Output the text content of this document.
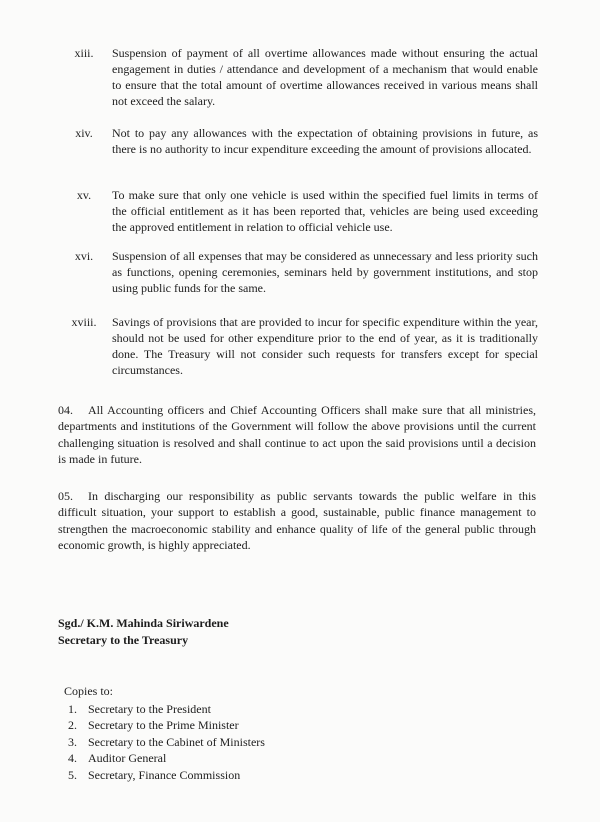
xiii.	Suspension of payment of all overtime allowances made without ensuring the actual engagement in duties / attendance and development of a mechanism that would enable to ensure that the total amount of overtime allowances received in various means shall not exceed the salary.
xiv.	Not to pay any allowances with the expectation of obtaining provisions in future, as there is no authority to incur expenditure exceeding the amount of provisions allocated.
xv.	To make sure that only one vehicle is used within the specified fuel limits in terms of the official entitlement as it has been reported that, vehicles are being used exceeding the approved entitlement in relation to official vehicle use.
xvi.	Suspension of all expenses that may be considered as unnecessary and less priority such as functions, opening ceremonies, seminars held by government institutions, and stop using public funds for the same.
xviii.	Savings of provisions that are provided to incur for specific expenditure within the year, should not be used for other expenditure prior to the end of year, as it is traditionally done. The Treasury will not consider such requests for transfers except for special circumstances.
04. All Accounting officers and Chief Accounting Officers shall make sure that all ministries, departments and institutions of the Government will follow the above provisions until the current challenging situation is resolved and shall continue to act upon the said provisions until a decision is made in future.
05. In discharging our responsibility as public servants towards the public welfare in this difficult situation, your support to establish a good, sustainable, public finance management to strengthen the macroeconomic stability and enhance quality of life of the general public through economic growth, is highly appreciated.
Sgd./ K.M. Mahinda Siriwardene
Secretary to the Treasury
Copies to:
1. Secretary to the President
2. Secretary to the Prime Minister
3. Secretary to the Cabinet of Ministers
4. Auditor General
5. Secretary, Finance Commission
